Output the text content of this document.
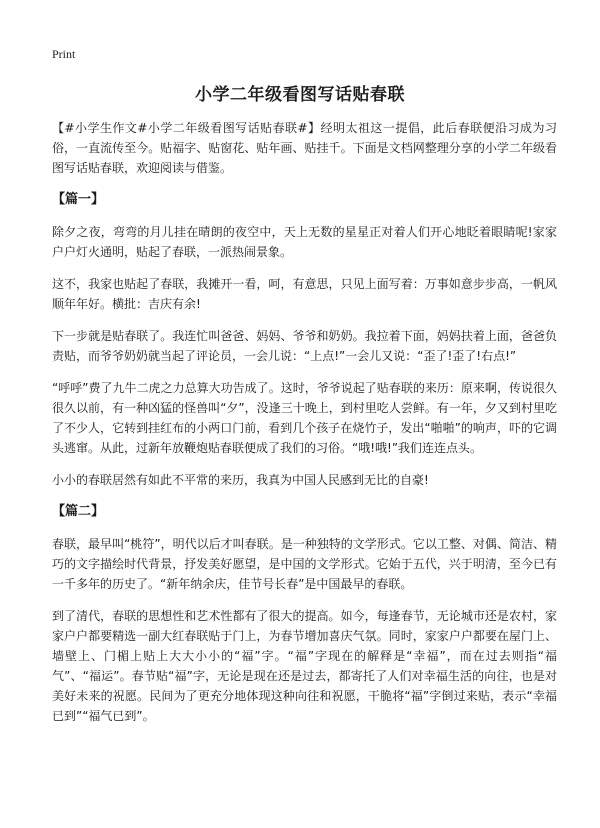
Print
小学二年级看图写话贴春联

【#小学生作文#小学二年级看图写话贴春联#】经明太祖这一提倡，此后春联便沿习成为习俗，一直流传至今。贴福字、贴窗花、贴年画、贴挂千。下面是文档网整理分享的小学二年级看图写话贴春联，欢迎阅读与借鉴。

【篇一】

除夕之夜，弯弯的月儿挂在晴朗的夜空中，天上无数的星星正对着人们开心地眨着眼睛呢!家家户户灯火通明，贴起了春联，一派热闹景象。

这不，我家也贴起了春联，我摊开一看，呵，有意思，只见上面写着：万事如意步步高，一帆风顺年年好。横批：吉庆有余!

下一步就是贴春联了。我连忙叫爸爸、妈妈、爷爷和奶奶。我拉着下面，妈妈扶着上面，爸爸负责贴，而爷爷奶奶就当起了评论员，一会儿说：“上点!”一会儿又说：“歪了!歪了!右点!”

“呼呼”费了九牛二虎之力总算大功告成了。这时，爷爷说起了贴春联的来历：原来啊，传说很久很久以前，有一种凶猛的怪兽叫“夕”，没逢三十晚上，到村里吃人尝鲜。有一年，夕又到村里吃了不少人，它转到挂红布的小两口门前，看到几个孩子在烧竹子，发出“啪啪”的响声，吓的它调头逃窜。从此，过新年放鞭炮贴春联便成了我们的习俗。“哦!哦!”我们连连点头。

小小的春联居然有如此不平常的来历，我真为中国人民感到无比的自豪!

【篇二】

春联，最早叫“桃符”，明代以后才叫春联。是一种独特的文学形式。它以工整、对偶、简洁、精巧的文字描绘时代背景，抒发美好愿望，是中国的文学形式。它始于五代，兴于明清，至今已有一千多年的历史了。“新年纳余庆，佳节号长春”是中国最早的春联。

到了清代，春联的思想性和艺术性都有了很大的提高。如今，每逢春节，无论城市还是农村，家家户户都要精选一副大红春联贴于门上，为春节增加喜庆气氛。同时，家家户户都要在屋门上、墙壁上、门楣上贴上大大小小的“福”字。“福”字现在的解释是“幸福”，而在过去则指“福气”、“福运”。春节贴“福”字，无论是现在还是过去，都寄托了人们对幸福生活的向往，也是对美好未来的祝愿。民间为了更充分地体现这种向往和祝愿，干脆将“福”字倒过来贴，表示“幸福已到”“福气已到”。
